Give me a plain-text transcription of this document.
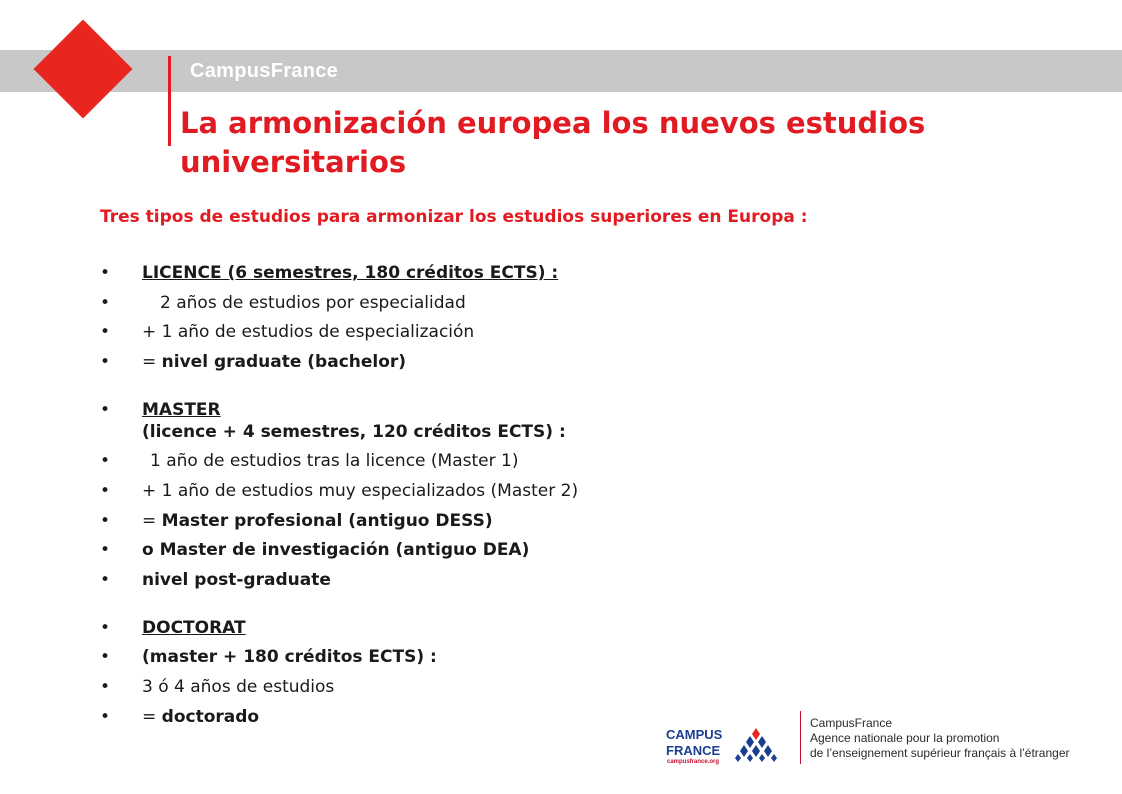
CampusFrance
La armonización europea los nuevos estudios universitarios

Tres tipos de estudios para armonizar los estudios superiores en Europa :

• LICENCE (6 semestres, 180 créditos ECTS) :
• 2 años de estudios por especialidad
• + 1 año de estudios de especialización
• = nivel graduate (bachelor)
• MASTER
(licence + 4 semestres, 120 créditos ECTS) :
• 1 año de estudios tras la licence (Master 1)
• + 1 año de estudios muy especializados (Master 2)
• = Master profesional (antiguo DESS)
• o Master de investigación (antiguo DEA)
• nivel post-graduate
• DOCTORAT
• (master + 180 créditos ECTS) :
• 3 ó 4 años de estudios
• = doctorado
CAMPUS
FRANCE
campusfrance.org
CampusFrance
Agence nationale pour la promotion
de l’enseignement supérieur français à l’étranger
